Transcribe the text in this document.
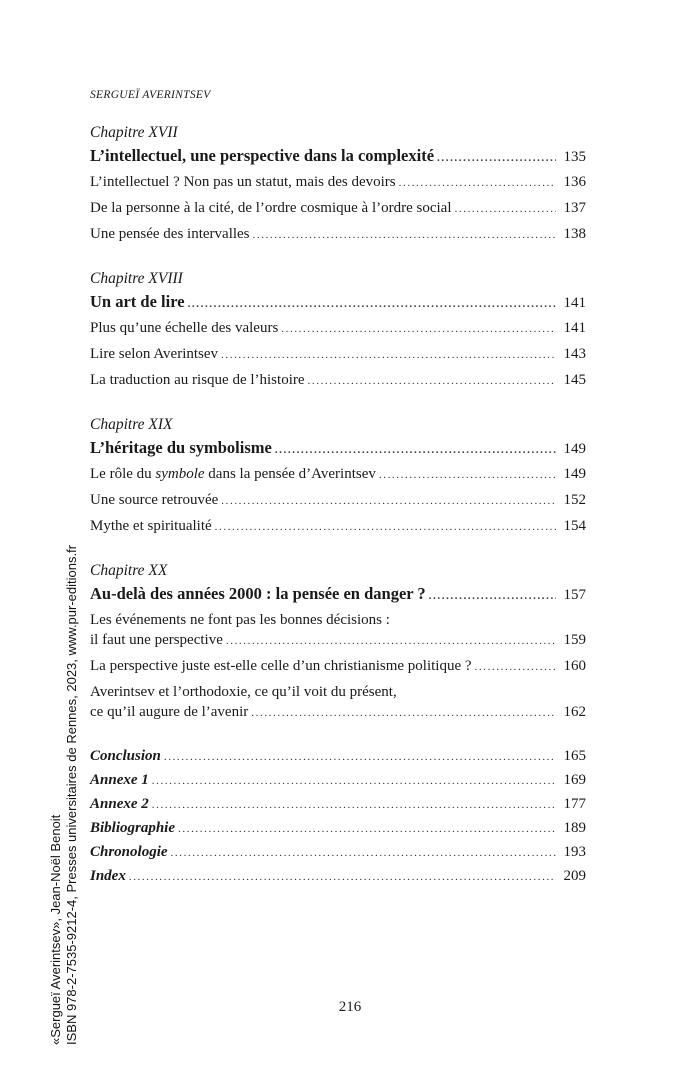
SERGUEÏ AVERINTSEV
Chapitre XVII
L’intellectuel, une perspective dans la complexité .....	135
L’intellectuel ? Non pas un statut, mais des devoirs .....	136
De la personne à la cité, de l’ordre cosmique à l’ordre social .....	137
Une pensée des intervalles .....	138
Chapitre XVIII
Un art de lire .....	141
Plus qu’une échelle des valeurs .....	141
Lire selon Averintsev .....	143
La traduction au risque de l’histoire .....	145
Chapitre XIX
L’héritage du symbolisme .....	149
Le rôle du symbole dans la pensée d’Averintsev .....	149
Une source retrouvée .....	152
Mythe et spiritualité .....	154
Chapitre XX
Au-delà des années 2000 : la pensée en danger ? .....	157
Les événements ne font pas les bonnes décisions :
il faut une perspective .....	159
La perspective juste est-elle celle d’un christianisme politique ? .....	160
Averintsev et l’orthodoxie, ce qu’il voit du présent,
ce qu’il augure de l’avenir .....	162
Conclusion .....	165
Annexe 1 .....	169
Annexe 2 .....	177
Bibliographie .....	189
Chronologie .....	193
Index .....	209
216
«Sergueï Averintsev», Jean-Noël Benoit ISBN 978-2-7535-9212-4, Presses universitaires de Rennes, 2023, www.pur-editions.fr
